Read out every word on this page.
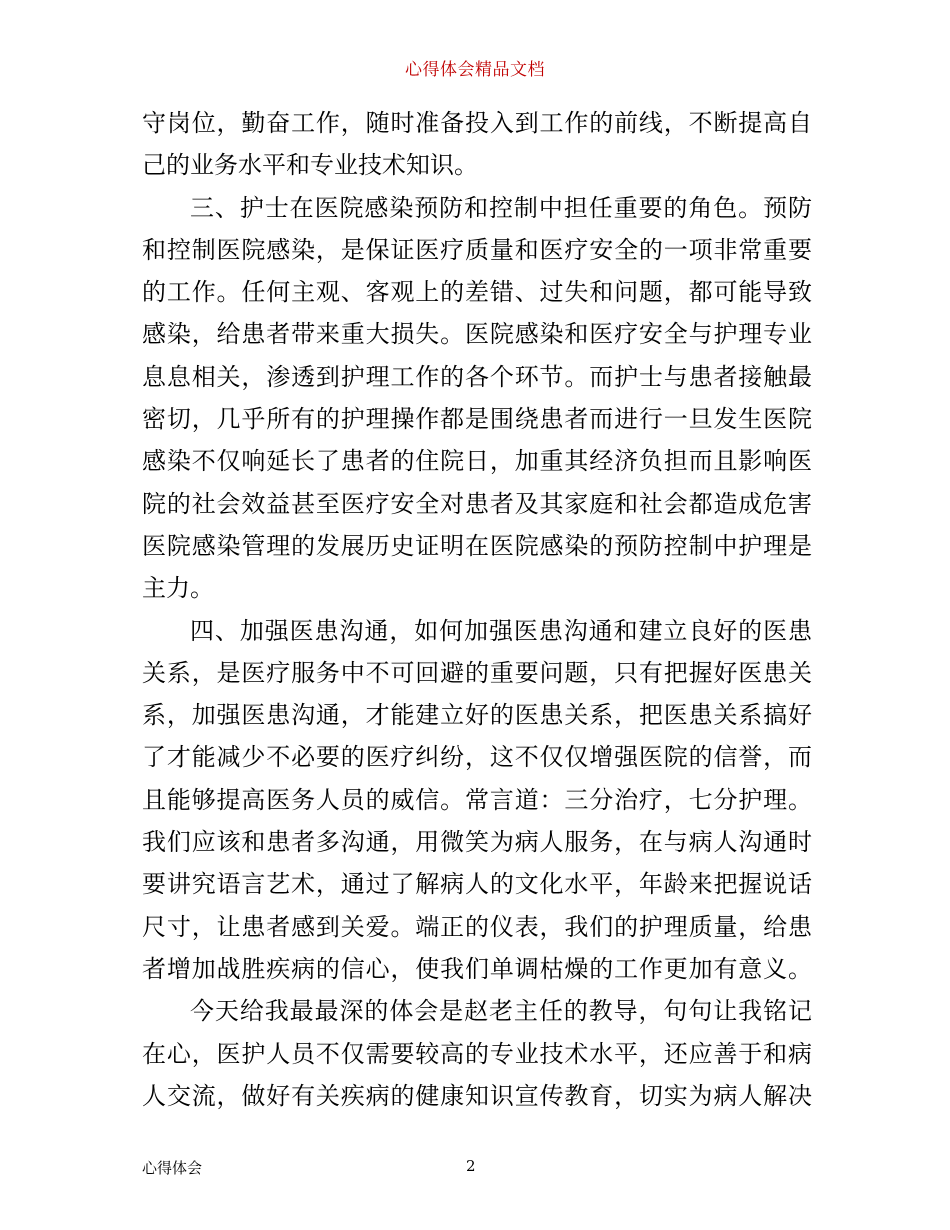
心得体会精品文档
守岗位，勤奋工作，随时准备投入到工作的前线，不断提高自
己的业务水平和专业技术知识。
三、护士在医院感染预防和控制中担任重要的角色。预防
和控制医院感染，是保证医疗质量和医疗安全的一项非常重要
的工作。任何主观、客观上的差错、过失和问题，都可能导致
感染，给患者带来重大损失。医院感染和医疗安全与护理专业
息息相关，渗透到护理工作的各个环节。而护士与患者接触最
密切，几乎所有的护理操作都是围绕患者而进行一旦发生医院
感染不仅响延长了患者的住院日，加重其经济负担而且影响医
院的社会效益甚至医疗安全对患者及其家庭和社会都造成危害
医院感染管理的发展历史证明在医院感染的预防控制中护理是
主力。
四、加强医患沟通，如何加强医患沟通和建立良好的医患
关系，是医疗服务中不可回避的重要问题，只有把握好医患关
系，加强医患沟通，才能建立好的医患关系，把医患关系搞好
了才能减少不必要的医疗纠纷，这不仅仅增强医院的信誉，而
且能够提高医务人员的威信。常言道：三分治疗，七分护理。
我们应该和患者多沟通，用微笑为病人服务，在与病人沟通时
要讲究语言艺术，通过了解病人的文化水平，年龄来把握说话
尺寸，让患者感到关爱。端正的仪表，我们的护理质量，给患
者增加战胜疾病的信心，使我们单调枯燥的工作更加有意义。
今天给我最最深的体会是赵老主任的教导，句句让我铭记
在心，医护人员不仅需要较高的专业技术水平，还应善于和病
人交流，做好有关疾病的健康知识宣传教育，切实为病人解决
心得体会	2
